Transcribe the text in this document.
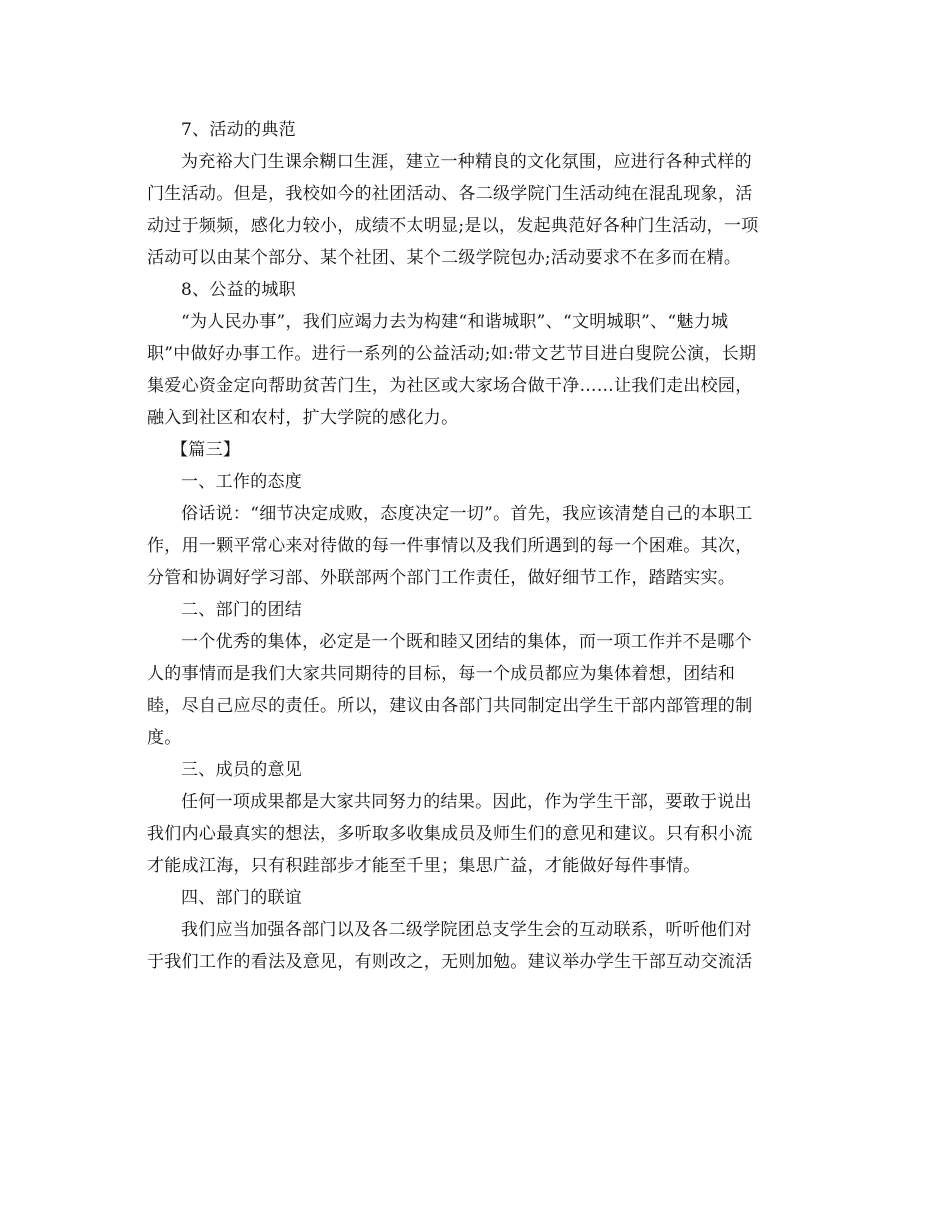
7、活动的典范
为充裕大门生课余糊口生涯，建立一种精良的文化氛围，应进行各种式样的
门生活动。但是，我校如今的社团活动、各二级学院门生活动纯在混乱现象，活
动过于频频，感化力较小，成绩不太明显;是以，发起典范好各种门生活动，一项
活动可以由某个部分、某个社团、某个二级学院包办;活动要求不在多而在精。
8、公益的城职
“为人民办事”，我们应竭力去为构建“和谐城职”、“文明城职”、“魅力城
职”中做好办事工作。进行一系列的公益活动;如:带文艺节目进白叟院公演，长期
集爱心资金定向帮助贫苦门生，为社区或大家场合做干净……让我们走出校园，
融入到社区和农村，扩大学院的感化力。
【篇三】
一、工作的态度
俗话说：“细节决定成败，态度决定一切”。首先，我应该清楚自己的本职工
作，用一颗平常心来对待做的每一件事情以及我们所遇到的每一个困难。其次，
分管和协调好学习部、外联部两个部门工作责任，做好细节工作，踏踏实实。
二、部门的团结
一个优秀的集体，必定是一个既和睦又团结的集体，而一项工作并不是哪个
人的事情而是我们大家共同期待的目标，每一个成员都应为集体着想，团结和
睦，尽自己应尽的责任。所以，建议由各部门共同制定出学生干部内部管理的制
度。
三、成员的意见
任何一项成果都是大家共同努力的结果。因此，作为学生干部，要敢于说出
我们内心最真实的想法，多听取多收集成员及师生们的意见和建议。只有积小流
才能成江海，只有积跬部步才能至千里；集思广益，才能做好每件事情。
四、部门的联谊
我们应当加强各部门以及各二级学院团总支学生会的互动联系，听听他们对
于我们工作的看法及意见，有则改之，无则加勉。建议举办学生干部互动交流活
